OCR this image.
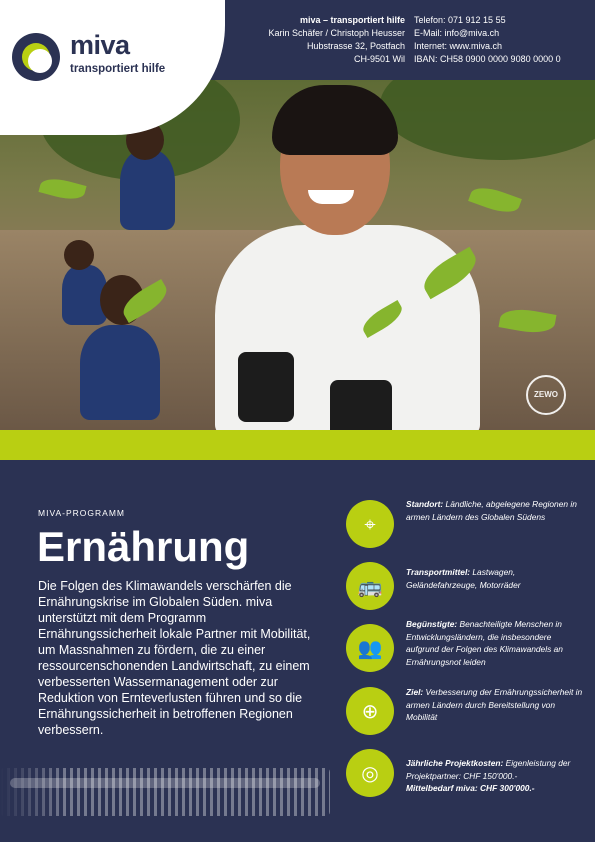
miva – transportiert hilfe
Karin Schäfer / Christoph Heusser
Hubstrasse 32, Postfach
CH-9501 Wil
Telefon: 071 912 15 55
E-Mail: info@miva.ch
Internet: www.miva.ch
IBAN: CH58 0900 0000 9080 0000 0
miva
transportiert hilfe
ZEWO
MIVA-PROGRAMM
Ernährung

Die Folgen des Klimawandels verschärfen die Ernährungskrise im Globalen Süden. miva unterstützt mit dem Programm Ernährungssicherheit lokale Partner mit Mobilität, um Massnahmen zu fördern, die zu einer ressourcenschonenden Landwirtschaft, zu einem verbesserten Wassermanagement oder zur Reduktion von Ernteverlusten führen und so die Ernährungssicherheit in betroffenen Regionen verbessern.

⌖
Standort: Ländliche, abgelegene Regionen in armen Ländern des Globalen Südens
🚌
Transportmittel: Lastwagen, Geländefahrzeuge, Motorräder
👥
Begünstigte: Benachteiligte Menschen in Entwicklungsländern, die insbesondere aufgrund der Folgen des Klimawandels an Ernährungsnot leiden
⊕
Ziel: Verbesserung der Ernährungssicherheit in armen Ländern durch Bereitstellung von Mobilität
◎	Jährliche Projektkosten: Eigenleistung der Projektpartner: CHF 150'000.-
Mittelbedarf miva: CHF 300'000.-
